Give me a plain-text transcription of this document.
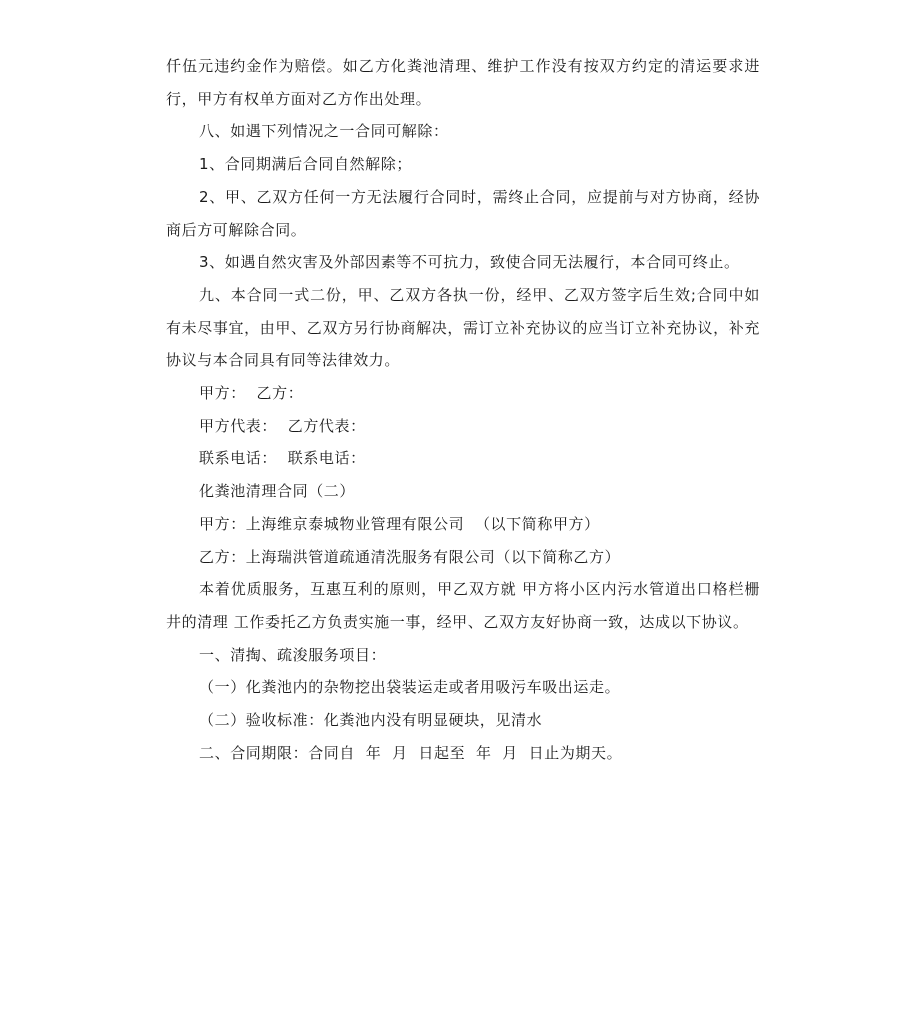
仟伍元违约金作为赔偿。如乙方化粪池清理、维护工作没有按双方约定的清运要求进行，甲方有权单方面对乙方作出处理。

八、如遇下列情况之一合同可解除：

1、合同期满后合同自然解除；

2、甲、乙双方任何一方无法履行合同时，需终止合同，应提前与对方协商，经协商后方可解除合同。

3、如遇自然灾害及外部因素等不可抗力，致使合同无法履行，本合同可终止。

九、本合同一式二份，甲、乙双方各执一份，经甲、乙双方签字后生效;合同中如有未尽事宜，由甲、乙双方另行协商解决，需订立补充协议的应当订立补充协议，补充协议与本合同具有同等法律效力。

甲方：  乙方：

甲方代表：  乙方代表：

联系电话：  联系电话：

化粪池清理合同（二）

甲方：上海维京泰城物业管理有限公司  （以下简称甲方）

乙方：上海瑞洪管道疏通清洗服务有限公司（以下简称乙方）

本着优质服务，互惠互利的原则，甲乙双方就 甲方将小区内污水管道出口格栏栅井的清理 工作委托乙方负责实施一事，经甲、乙双方友好协商一致，达成以下协议。

一、清掏、疏浚服务项目：

（一）化粪池内的杂物挖出袋装运走或者用吸污车吸出运走。

（二）验收标准：化粪池内没有明显硬块，见清水

二、合同期限：合同自  年  月  日起至  年  月  日止为期天。
